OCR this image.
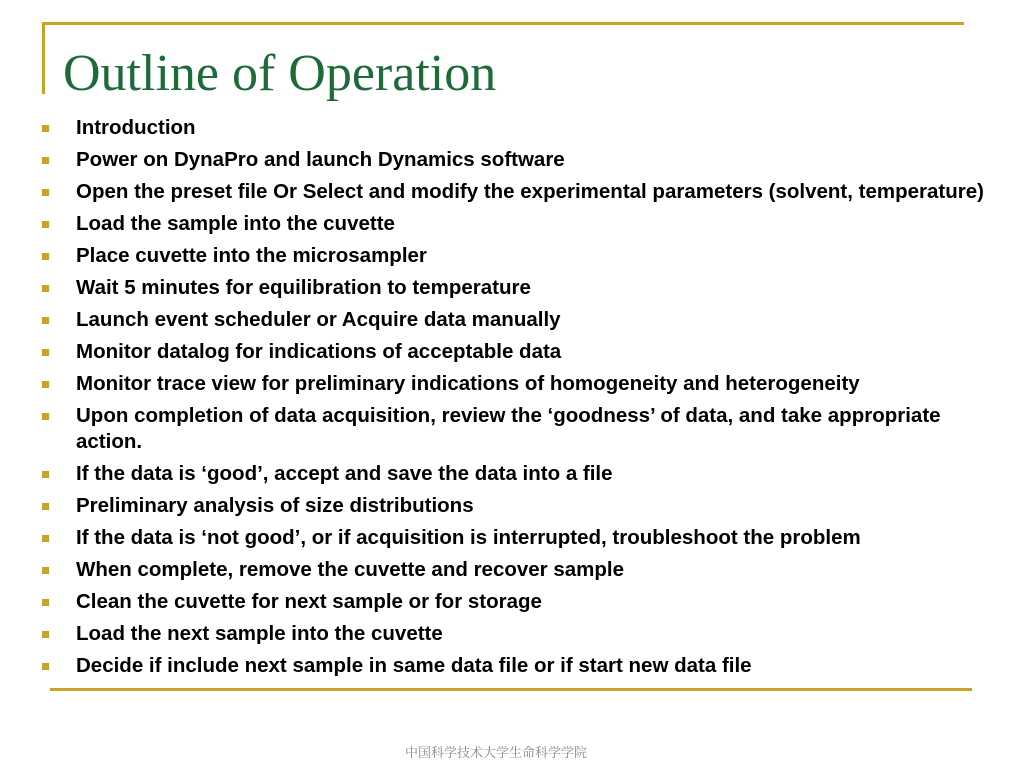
Outline of Operation
Introduction
Power on DynaPro and launch Dynamics software
Open the preset file Or Select and modify the experimental parameters (solvent, temperature)
Load the sample into the cuvette
Place cuvette into the microsampler
Wait 5 minutes for equilibration to temperature
Launch event scheduler or Acquire data manually
Monitor datalog for indications of acceptable data
Monitor trace view for preliminary indications of homogeneity and heterogeneity
Upon completion of data acquisition, review the ‘goodness’ of data, and take appropriate action.
If the data is ‘good’, accept and save the data into a file
Preliminary analysis of size distributions
If the data is ‘not good’, or if acquisition is interrupted, troubleshoot the problem
When complete, remove the cuvette and recover sample
Clean the cuvette for next sample or for storage
Load the next sample into the cuvette
Decide if include next sample in same data file or if start new data file
中国科学技术大学生命科学学院
